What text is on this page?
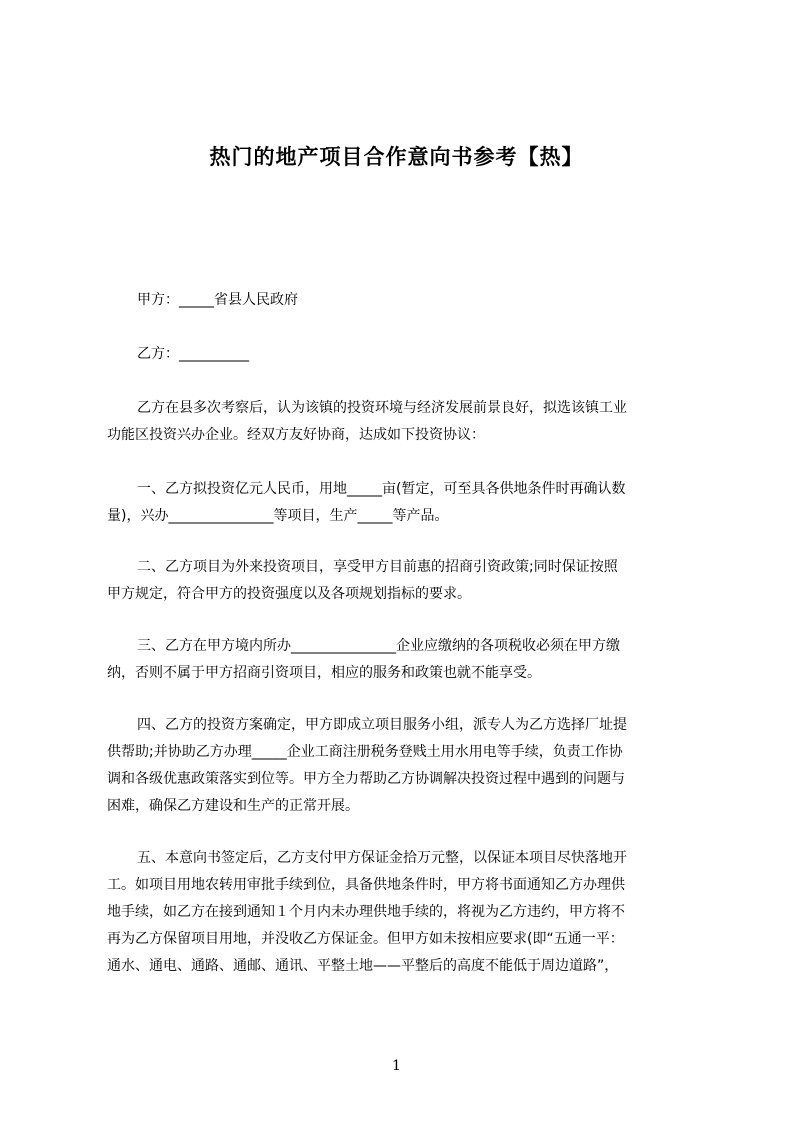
热门的地产项目合作意向书参考【热】
甲方：_____省县人民政府
乙方：__________
乙方在县多次考察后，认为该镇的投资环境与经济发展前景良好，拟选该镇工业
功能区投资兴办企业。经双方友好协商，达成如下投资协议：
一、乙方拟投资亿元人民币，用地_____亩(暂定，可至具各供地条件时再确认数
量)，兴办_______________等项目，生产_____等产品。
二、乙方项目为外来投资项目，享受甲方目前惠的招商引资政策;同时保证按照
甲方规定，符合甲方的投资强度以及各项规划指标的要求。
三、乙方在甲方境内所办_______________企业应缴纳的各项税收必须在甲方缴
纳，否则不属于甲方招商引资项目，相应的服务和政策也就不能享受。
四、乙方的投资方案确定，甲方即成立项目服务小组，派专人为乙方选择厂址提
供帮助;并协助乙方办理_____企业工商注册税务登贱土用水用电等手续，负责工作协
调和各级优惠政策落实到位等。甲方全力帮助乙方协调解决投资过程中遇到的问题与
困难，确保乙方建设和生产的正常开展。
五、本意向书签定后，乙方支付甲方保证金拾万元整，以保证本项目尽快落地开
工。如项目用地农转用审批手续到位，具备供地条件时，甲方将书面通知乙方办理供
地手续，如乙方在接到通知１个月内未办理供地手续的，将视为乙方违约，甲方将不
再为乙方保留项目用地，并没收乙方保证金。但甲方如未按相应要求(即“五通一平：
通水、通电、通路、通邮、通讯、平整土地——平整后的高度不能低于周边道路”，
1
